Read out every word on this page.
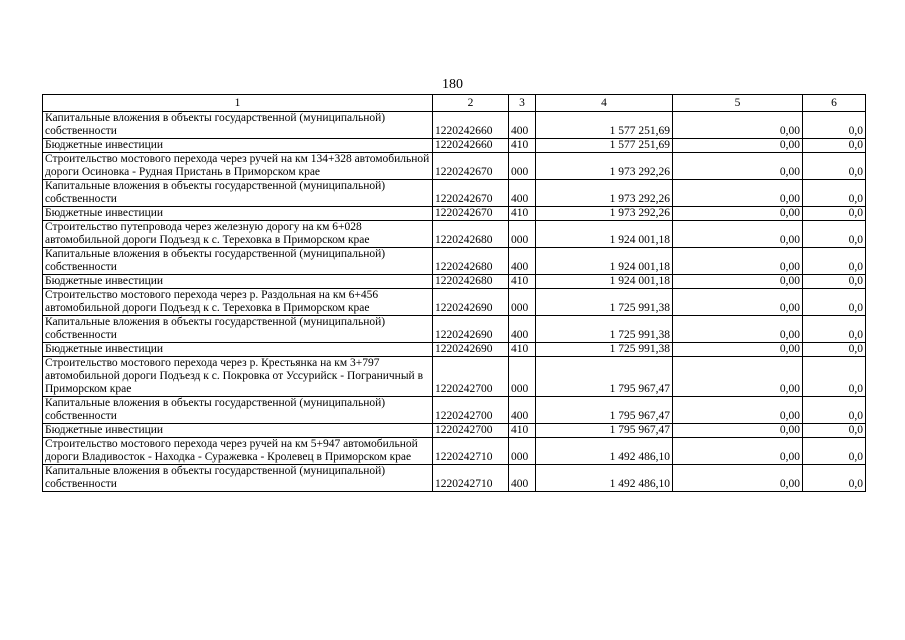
180
1	2	3	4	5	6
Капитальные вложения в объекты государственной (муниципальной) собственности	1220242660	400	1 577 251,69	0,00	0,0
Бюджетные инвестиции	1220242660	410	1 577 251,69	0,00	0,0
Строительство мостового перехода через ручей на км 134+328 автомобильной дороги Осиновка - Рудная Пристань в Приморском крае	1220242670	000	1 973 292,26	0,00	0,0
Капитальные вложения в объекты государственной (муниципальной) собственности	1220242670	400	1 973 292,26	0,00	0,0
Бюджетные инвестиции	1220242670	410	1 973 292,26	0,00	0,0
Строительство путепровода через железную дорогу на км 6+028 автомобильной дороги Подъезд к с. Тереховка в Приморском крае	1220242680	000	1 924 001,18	0,00	0,0
Капитальные вложения в объекты государственной (муниципальной) собственности	1220242680	400	1 924 001,18	0,00	0,0
Бюджетные инвестиции	1220242680	410	1 924 001,18	0,00	0,0
Строительство мостового перехода через р. Раздольная на км 6+456 автомобильной дороги Подъезд к с. Тереховка в Приморском крае	1220242690	000	1 725 991,38	0,00	0,0
Капитальные вложения в объекты государственной (муниципальной) собственности	1220242690	400	1 725 991,38	0,00	0,0
Бюджетные инвестиции	1220242690	410	1 725 991,38	0,00	0,0
Строительство мостового перехода через р. Крестьянка на км 3+797 автомобильной дороги Подъезд к с. Покровка от Уссурийск - Пограничный в Приморском крае	1220242700	000	1 795 967,47	0,00	0,0
Капитальные вложения в объекты государственной (муниципальной) собственности	1220242700	400	1 795 967,47	0,00	0,0
Бюджетные инвестиции	1220242700	410	1 795 967,47	0,00	0,0
Строительство мостового перехода через ручей на км 5+947 автомобильной дороги Владивосток - Находка - Суражевка - Кролевец в Приморском крае	1220242710	000	1 492 486,10	0,00	0,0
Капитальные вложения в объекты государственной (муниципальной) собственности	1220242710	400	1 492 486,10	0,00	0,0
